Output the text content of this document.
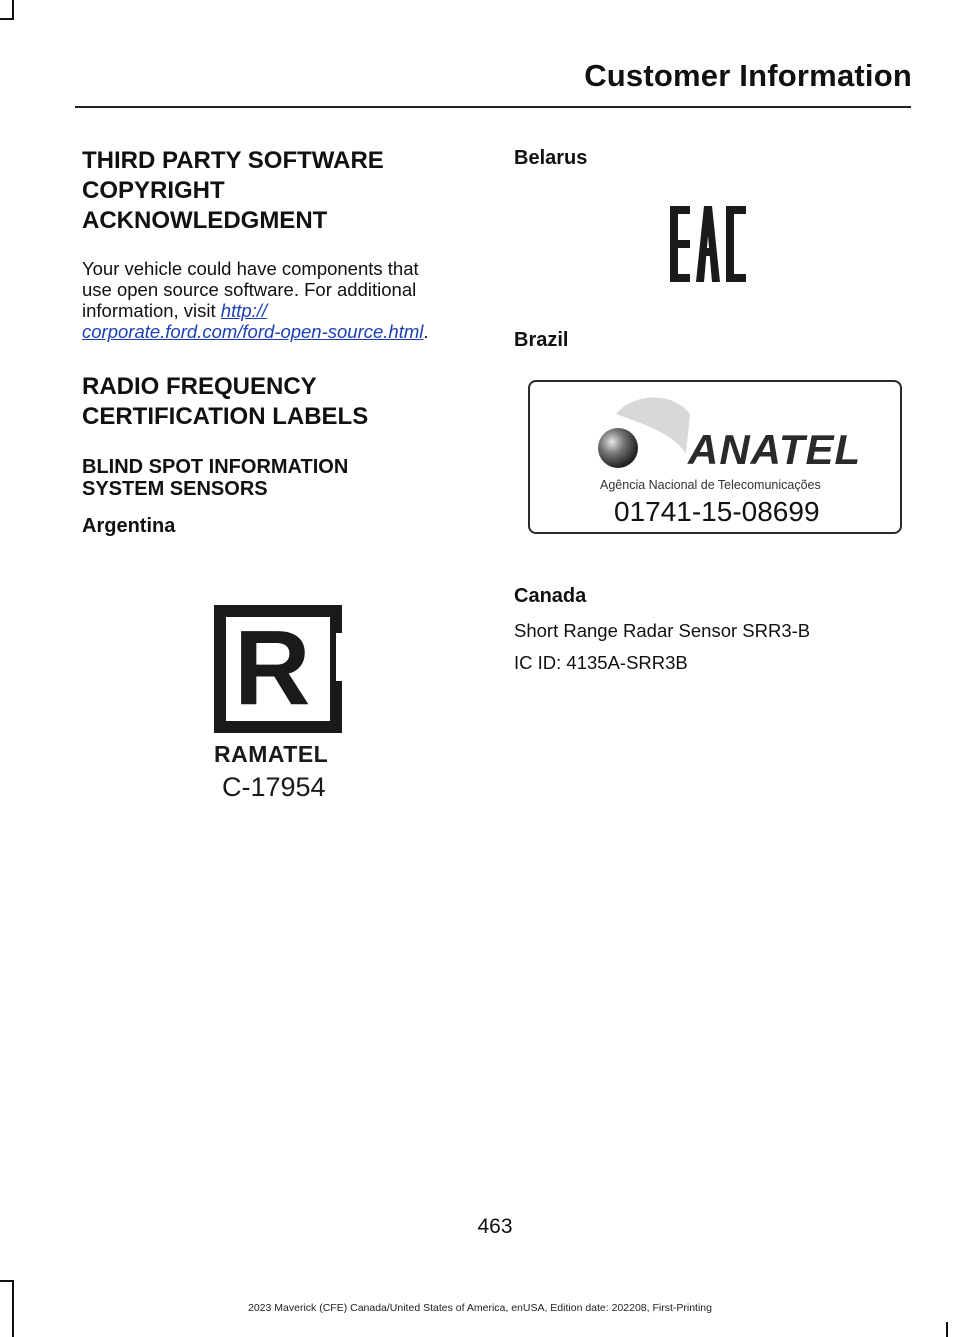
Customer Information
THIRD PARTY SOFTWARE
COPYRIGHT
ACKNOWLEDGMENT

Your vehicle could have components that
use open source software. For additional
information, visit http://
corporate.ford.com/ford-open-source.html.

RADIO FREQUENCY
CERTIFICATION LABELS
BLIND SPOT INFORMATION
SYSTEM SENSORS
Argentina
R
RAMATEL
C-17954
Belarus
Brazil
Canada

Short Range Radar Sensor SRR3-B

IC ID: 4135A-SRR3B

ANATEL
Agência Nacional de Telecomunicações
01741-15-08699
463
2023 Maverick (CFE) Canada/United States of America, enUSA, Edition date: 202208, First-Printing
